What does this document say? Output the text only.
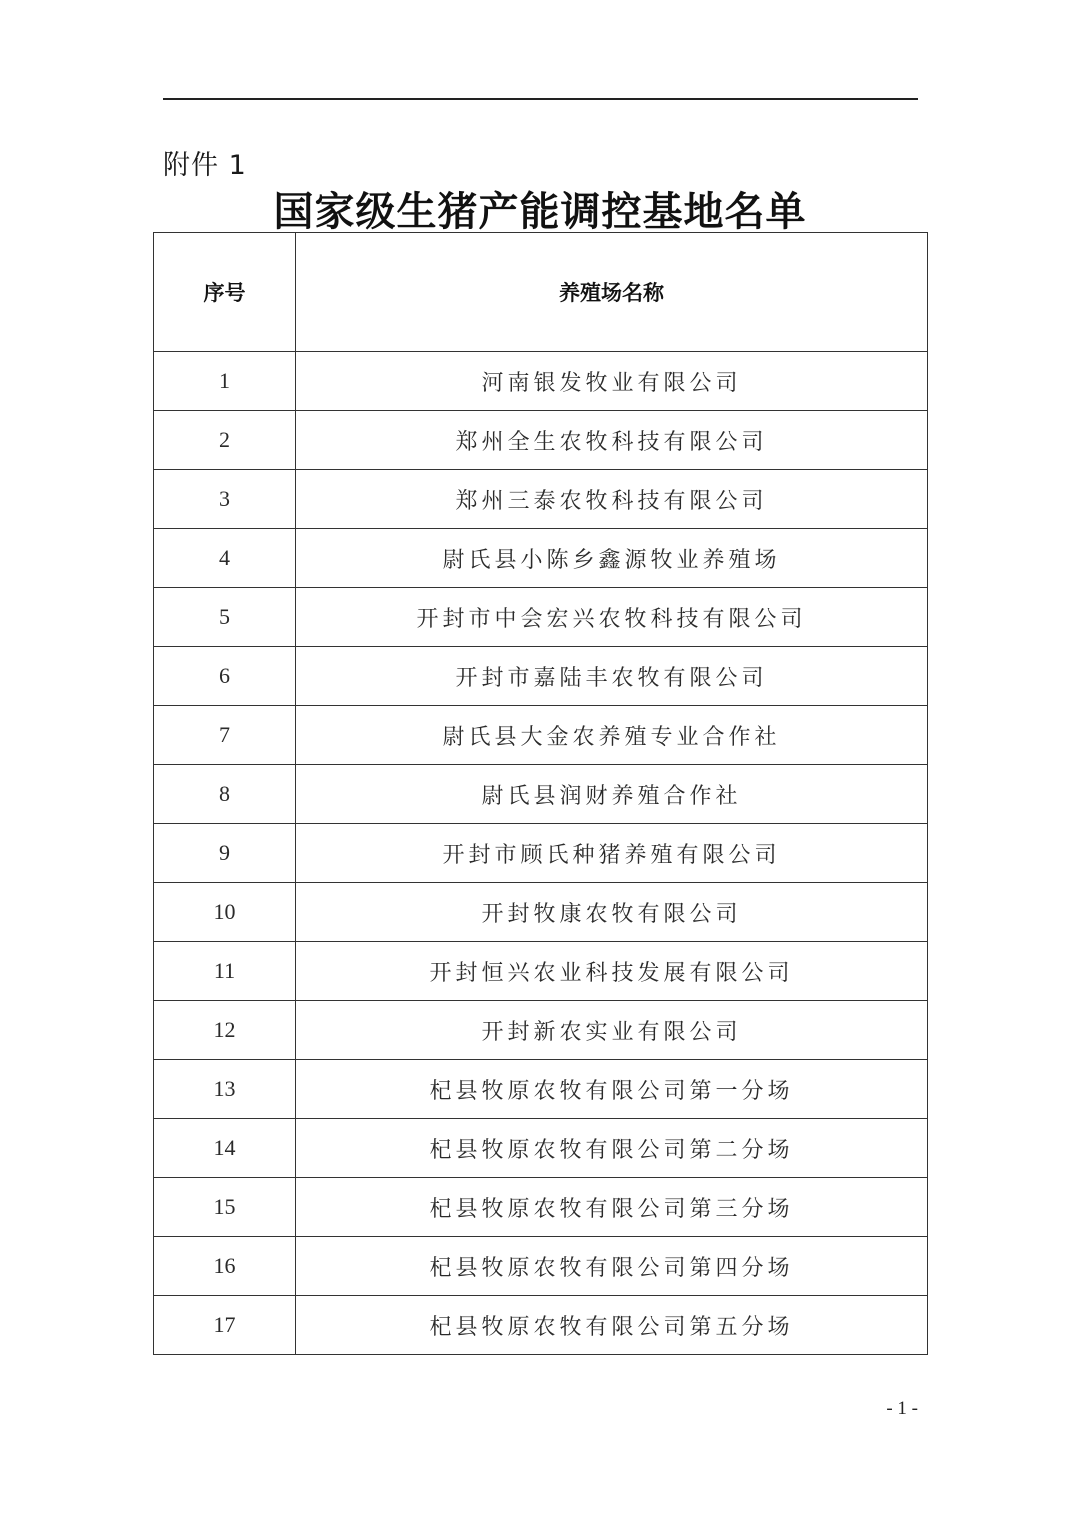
附件 1
国家级生猪产能调控基地名单
序号	养殖场名称
1	河南银发牧业有限公司
2	郑州全生农牧科技有限公司
3	郑州三泰农牧科技有限公司
4	尉氏县小陈乡鑫源牧业养殖场
5	开封市中会宏兴农牧科技有限公司
6	开封市嘉陆丰农牧有限公司
7	尉氏县大金农养殖专业合作社
8	尉氏县润财养殖合作社
9	开封市顾氏种猪养殖有限公司
10	开封牧康农牧有限公司
11	开封恒兴农业科技发展有限公司
12	开封新农实业有限公司
13	杞县牧原农牧有限公司第一分场
14	杞县牧原农牧有限公司第二分场
15	杞县牧原农牧有限公司第三分场
16	杞县牧原农牧有限公司第四分场
17	杞县牧原农牧有限公司第五分场
- 1 -
